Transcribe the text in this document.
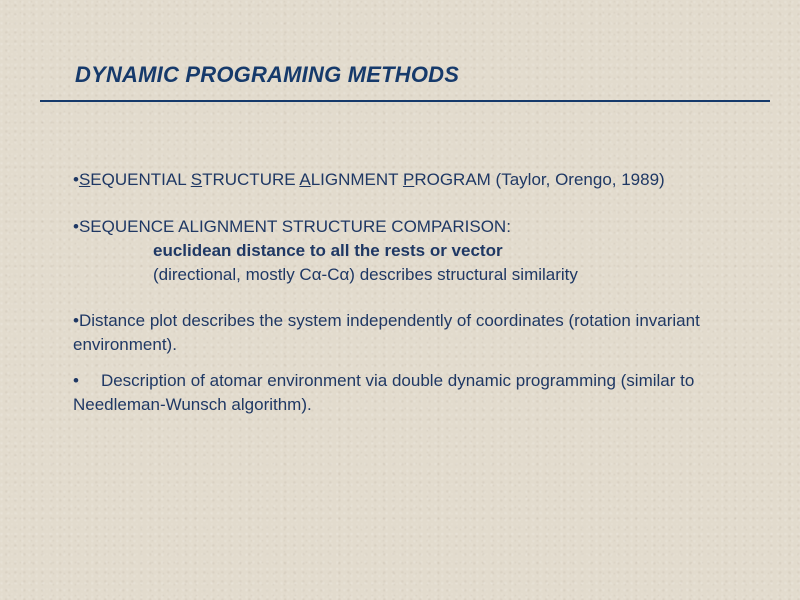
DYNAMIC PROGRAMING METHODS

•SEQUENTIAL STRUCTURE ALIGNMENT PROGRAM (Taylor, Orengo, 1989)

•SEQUENCE ALIGNMENT STRUCTURE COMPARISON:
euclidean distance to all the rests or vector
(directional, mostly Cα-Cα) describes structural similarity

•Distance plot describes the system independently of coordinates (rotation invariant environment).

• Description of atomar environment via double dynamic programming (similar to Needleman-Wunsch algorithm).
